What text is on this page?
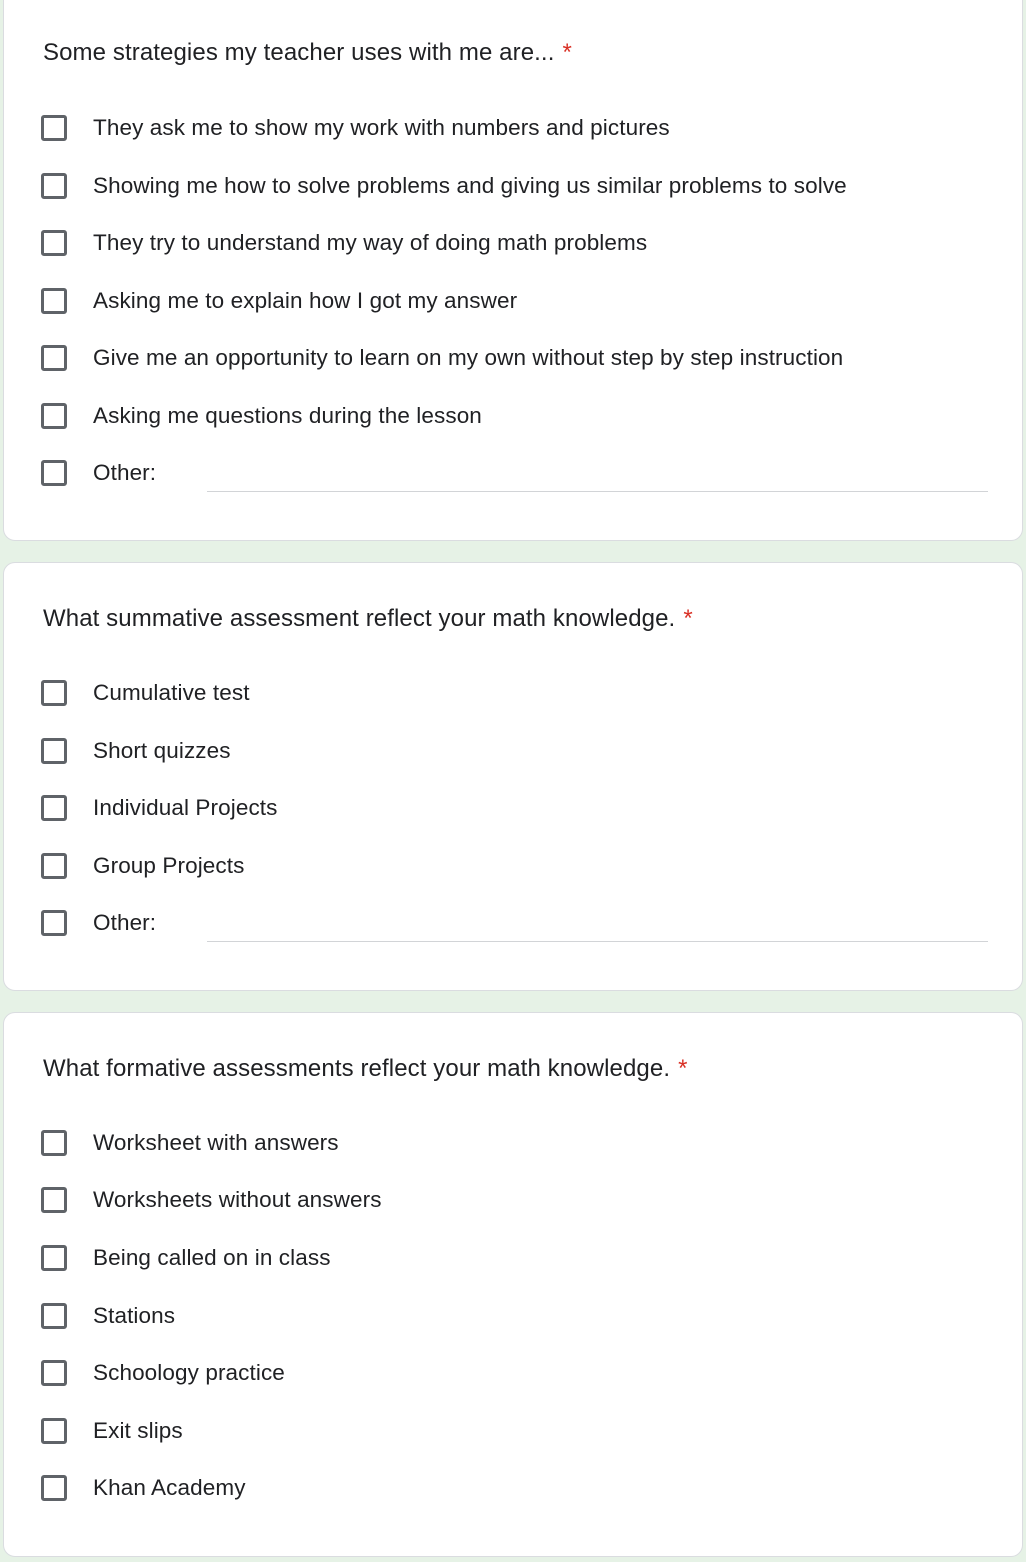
Some strategies my teacher uses with me are... *
They ask me to show my work with numbers and pictures
Showing me how to solve problems and giving us similar problems to solve
They try to understand my way of doing math problems
Asking me to explain how I got my answer
Give me an opportunity to learn on my own without step by step instruction
Asking me questions during the lesson
Other:
What summative assessment reflect your math knowledge. *
Cumulative test
Short quizzes
Individual Projects
Group Projects
Other:
What formative assessments reflect your math knowledge. *
Worksheet with answers
Worksheets without answers
Being called on in class
Stations
Schoology practice
Exit slips
Khan Academy
